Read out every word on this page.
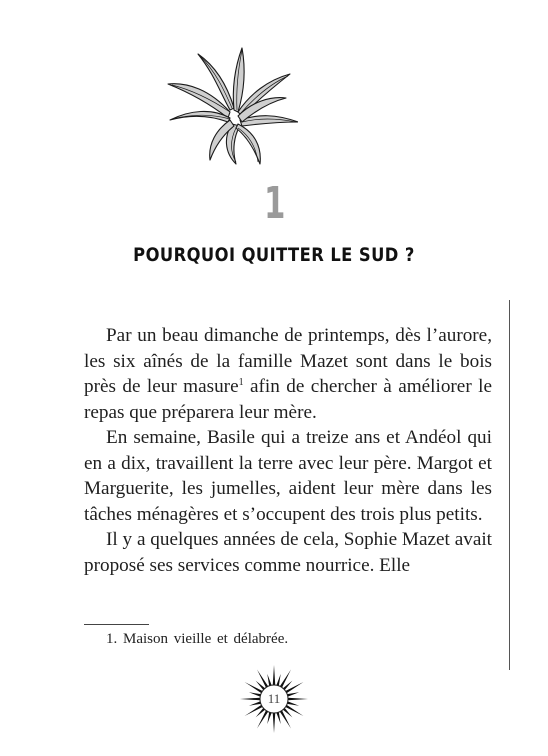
1
POURQUOI QUITTER LE SUD ?

Par un beau dimanche de printemps, dès l’aurore, les six aînés de la famille Mazet sont dans le bois près de leur masure$^1$ afin de chercher à améliorer le repas que préparera leur mère.

En semaine, Basile qui a treize ans et Andéol qui en a dix, travaillent la terre avec leur père. Margot et Marguerite, les jumelles, aident leur mère dans les tâches ménagères et s’occupent des trois plus petits.

Il y a quelques années de cela, Sophie Mazet avait proposé ses services comme nourrice. Elle

1. Maison vieille et délabrée.
11
